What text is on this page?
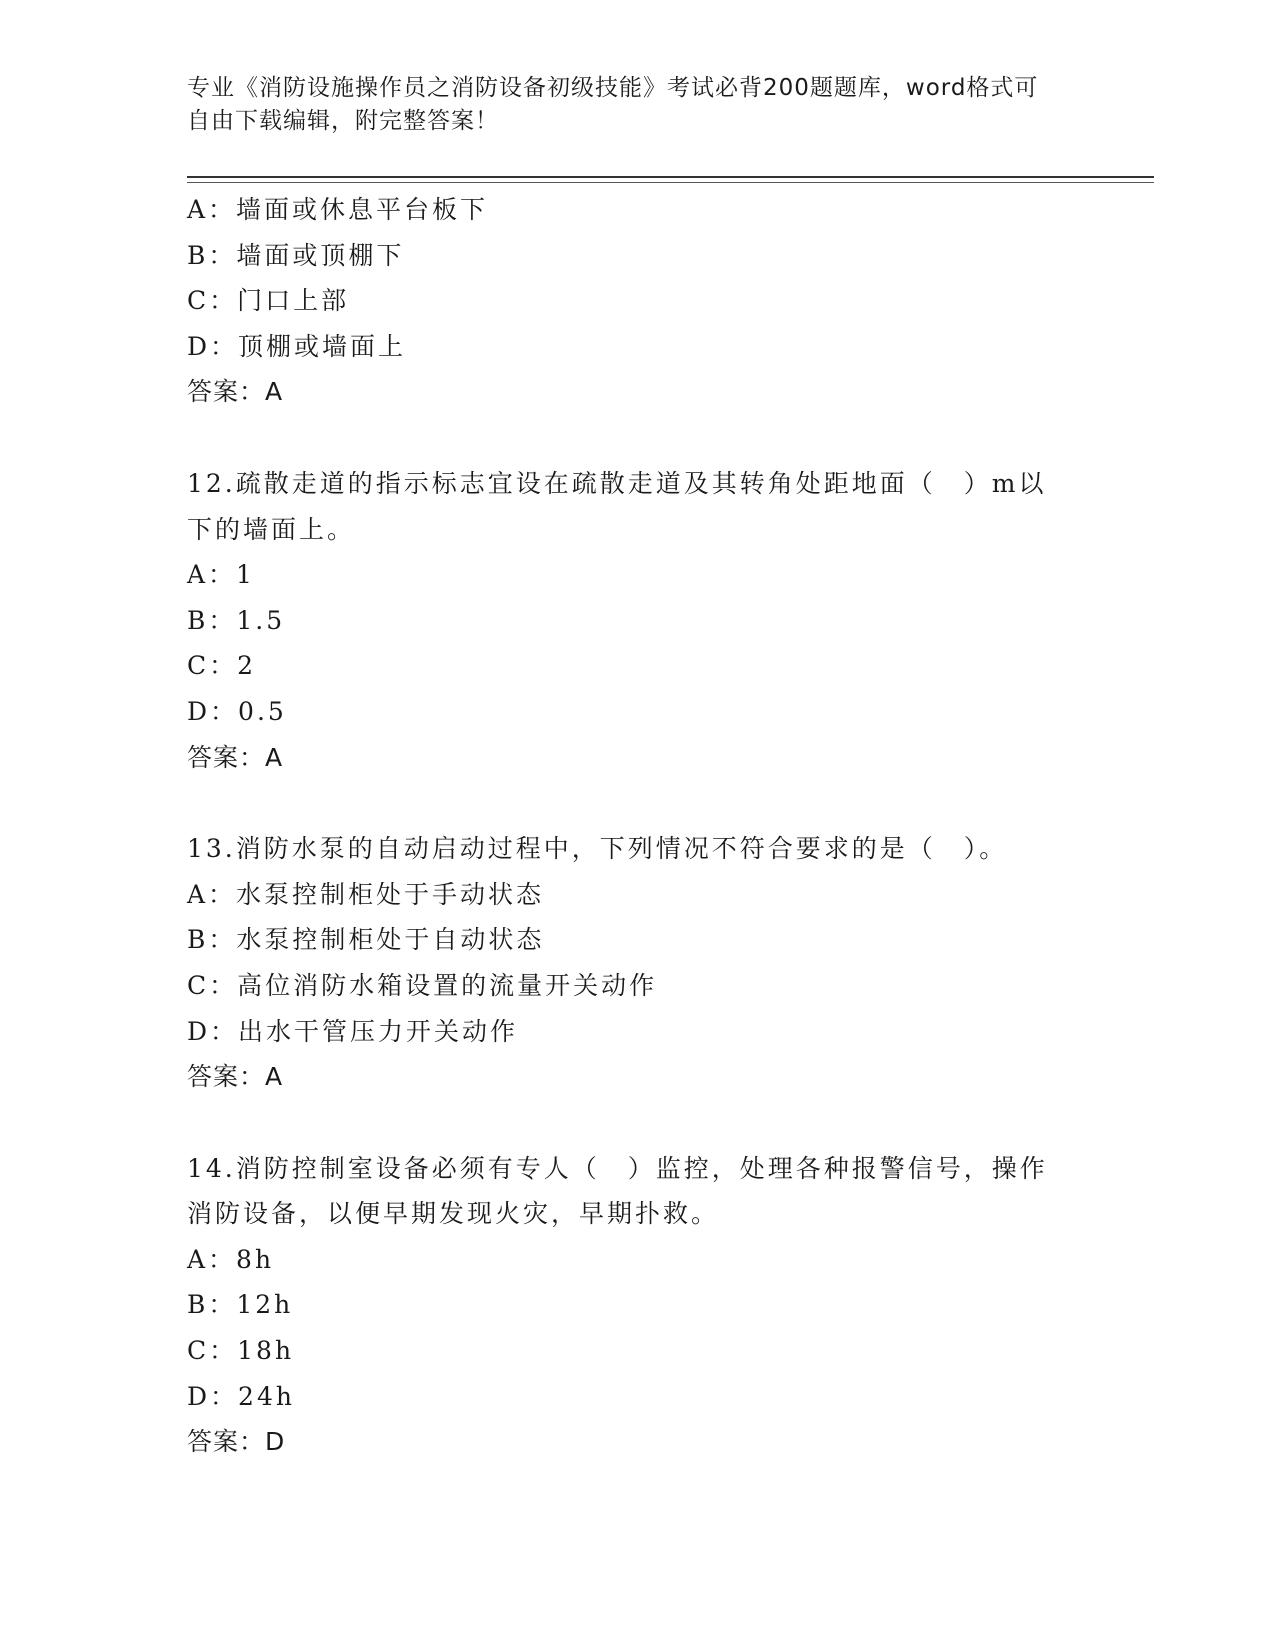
专业《消防设施操作员之消防设备初级技能》考试必背200题题库，word格式可
自由下载编辑，附完整答案！
A：墙面或休息平台板下
B：墙面或顶棚下
C：门口上部
D：顶棚或墙面上
答案：A
12.疏散走道的指示标志宜设在疏散走道及其转角处距地面（　）m以
下的墙面上。
A：1
B：1.5
C：2
D：0.5
答案：A
13.消防水泵的自动启动过程中，下列情况不符合要求的是（　）。
A：水泵控制柜处于手动状态
B：水泵控制柜处于自动状态
C：高位消防水箱设置的流量开关动作
D：出水干管压力开关动作
答案：A
14.消防控制室设备必须有专人（　）监控，处理各种报警信号，操作
消防设备，以便早期发现火灾，早期扑救。
A：8h
B：12h
C：18h
D：24h
答案：D
